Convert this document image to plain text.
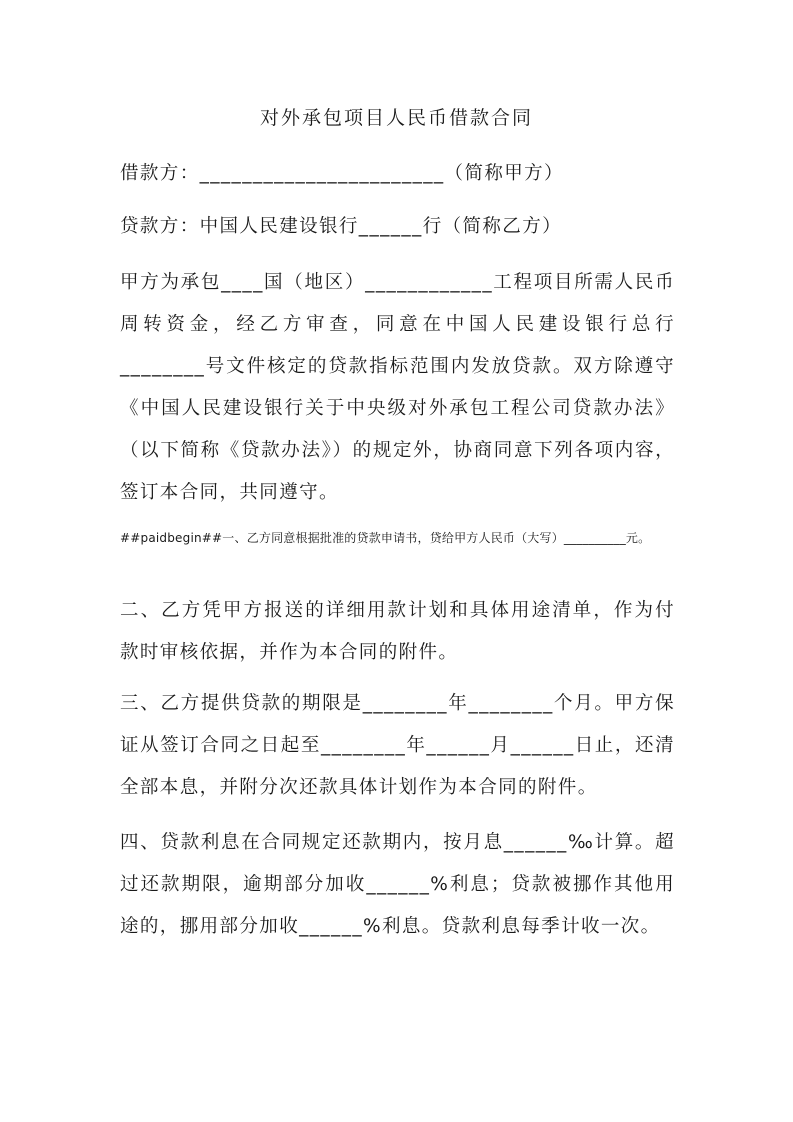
对外承包项目人民币借款合同
借款方：_______________________（简称甲方）
贷款方：中国人民建设银行______行（简称乙方）

甲方为承包____国（地区）____________工程项目所需人民币周转资金，经乙方审查，同意在中国人民建设银行总行________号文件核定的贷款指标范围内发放贷款。双方除遵守《中国人民建设银行关于中央级对外承包工程公司贷款办法》（以下简称《贷款办法》）的规定外，协商同意下列各项内容，签订本合同，共同遵守。

##paidbegin##一、乙方同意根据批准的贷款申请书，贷给甲方人民币（大写）__________元。

二、乙方凭甲方报送的详细用款计划和具体用途清单，作为付款时审核依据，并作为本合同的附件。

三、乙方提供贷款的期限是________年________个月。甲方保证从签订合同之日起至________年______月______日止，还清全部本息，并附分次还款具体计划作为本合同的附件。

四、贷款利息在合同规定还款期内，按月息______‰计算。超过还款期限，逾期部分加收______%利息；贷款被挪作其他用途的，挪用部分加收______%利息。贷款利息每季计收一次。
